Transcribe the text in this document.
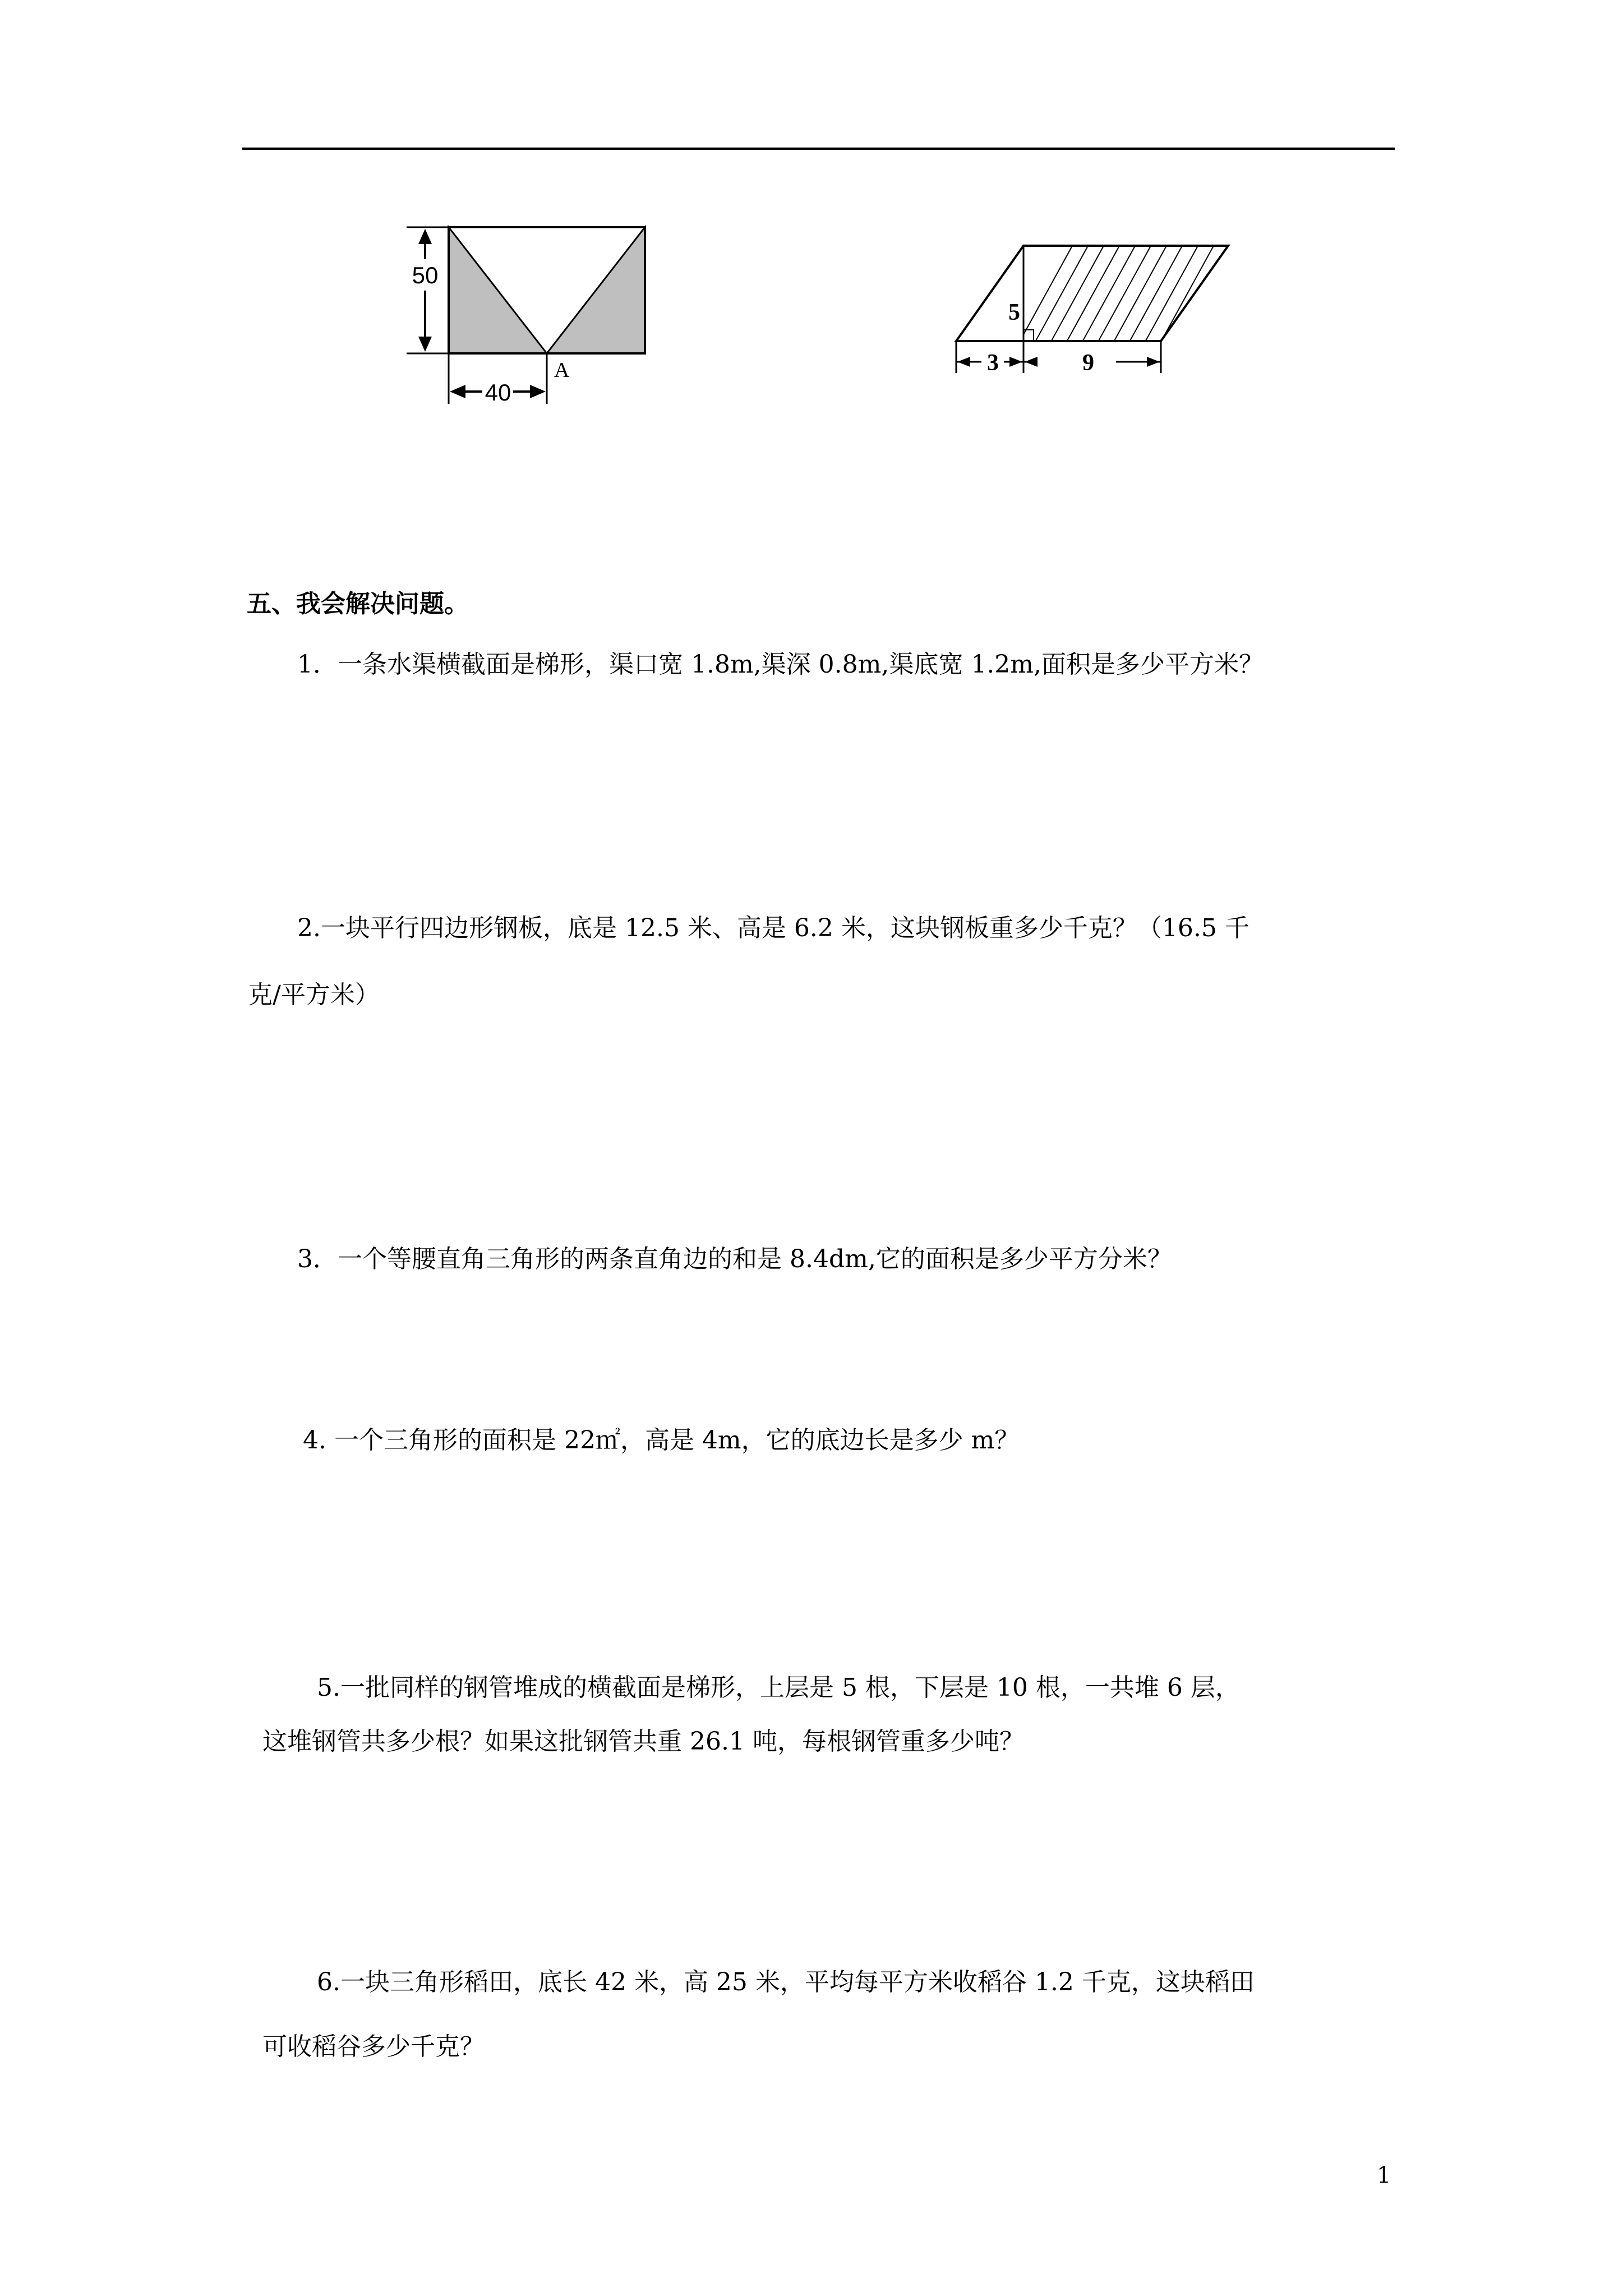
50
40
A
5
3	9
五、我会解决问题。
1．一条水渠横截面是梯形，渠口宽 1.8m,渠深 0.8m,渠底宽 1.2m,面积是多少平方米？
2.一块平行四边形钢板，底是 12.5 米、高是 6.2 米，这块钢板重多少千克？（16.5 千
克/平方米）
3．一个等腰直角三角形的两条直角边的和是 8.4dm,它的面积是多少平方分米？
4. 一个三角形的面积是 22㎡，高是 4m，它的底边长是多少 m？
5.一批同样的钢管堆成的横截面是梯形，上层是 5 根，下层是 10 根，一共堆 6 层，
这堆钢管共多少根？如果这批钢管共重 26.1 吨，每根钢管重多少吨？
6.一块三角形稻田，底长 42 米，高 25 米，平均每平方米收稻谷 1.2 千克，这块稻田
可收稻谷多少千克？
1
